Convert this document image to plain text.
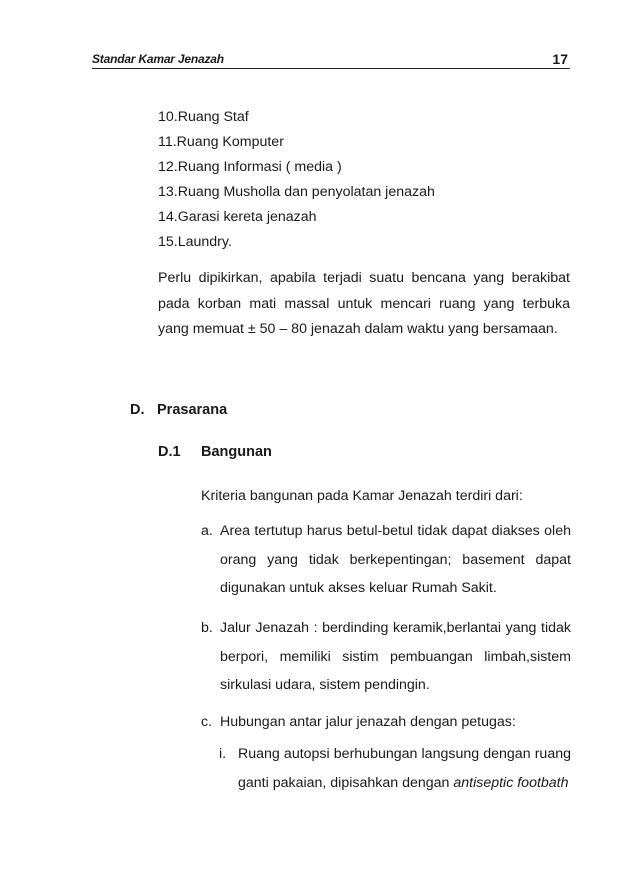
Standar Kamar Jenazah	17
10.Ruang Staf
11.Ruang Komputer
12.Ruang Informasi ( media )
13.Ruang Musholla dan penyolatan jenazah
14.Garasi kereta jenazah
15.Laundry.

Perlu dipikirkan, apabila terjadi suatu bencana yang berakibat pada korban mati massal untuk mencari ruang yang terbuka yang memuat ± 50 – 80 jenazah dalam waktu yang bersamaan.

D. Prasarana
D.1 Bangunan

Kriteria bangunan pada Kamar Jenazah terdiri dari:

a. Area tertutup harus betul-betul tidak dapat diakses oleh orang yang tidak berkepentingan; basement dapat digunakan untuk akses keluar Rumah Sakit.
b. Jalur Jenazah : berdinding keramik,berlantai yang tidak berpori, memiliki sistim pembuangan limbah,sistem sirkulasi udara, sistem pendingin.
c. Hubungan antar jalur jenazah dengan petugas:
i. Ruang autopsi berhubungan langsung dengan ruang ganti pakaian, dipisahkan dengan antiseptic footbath
